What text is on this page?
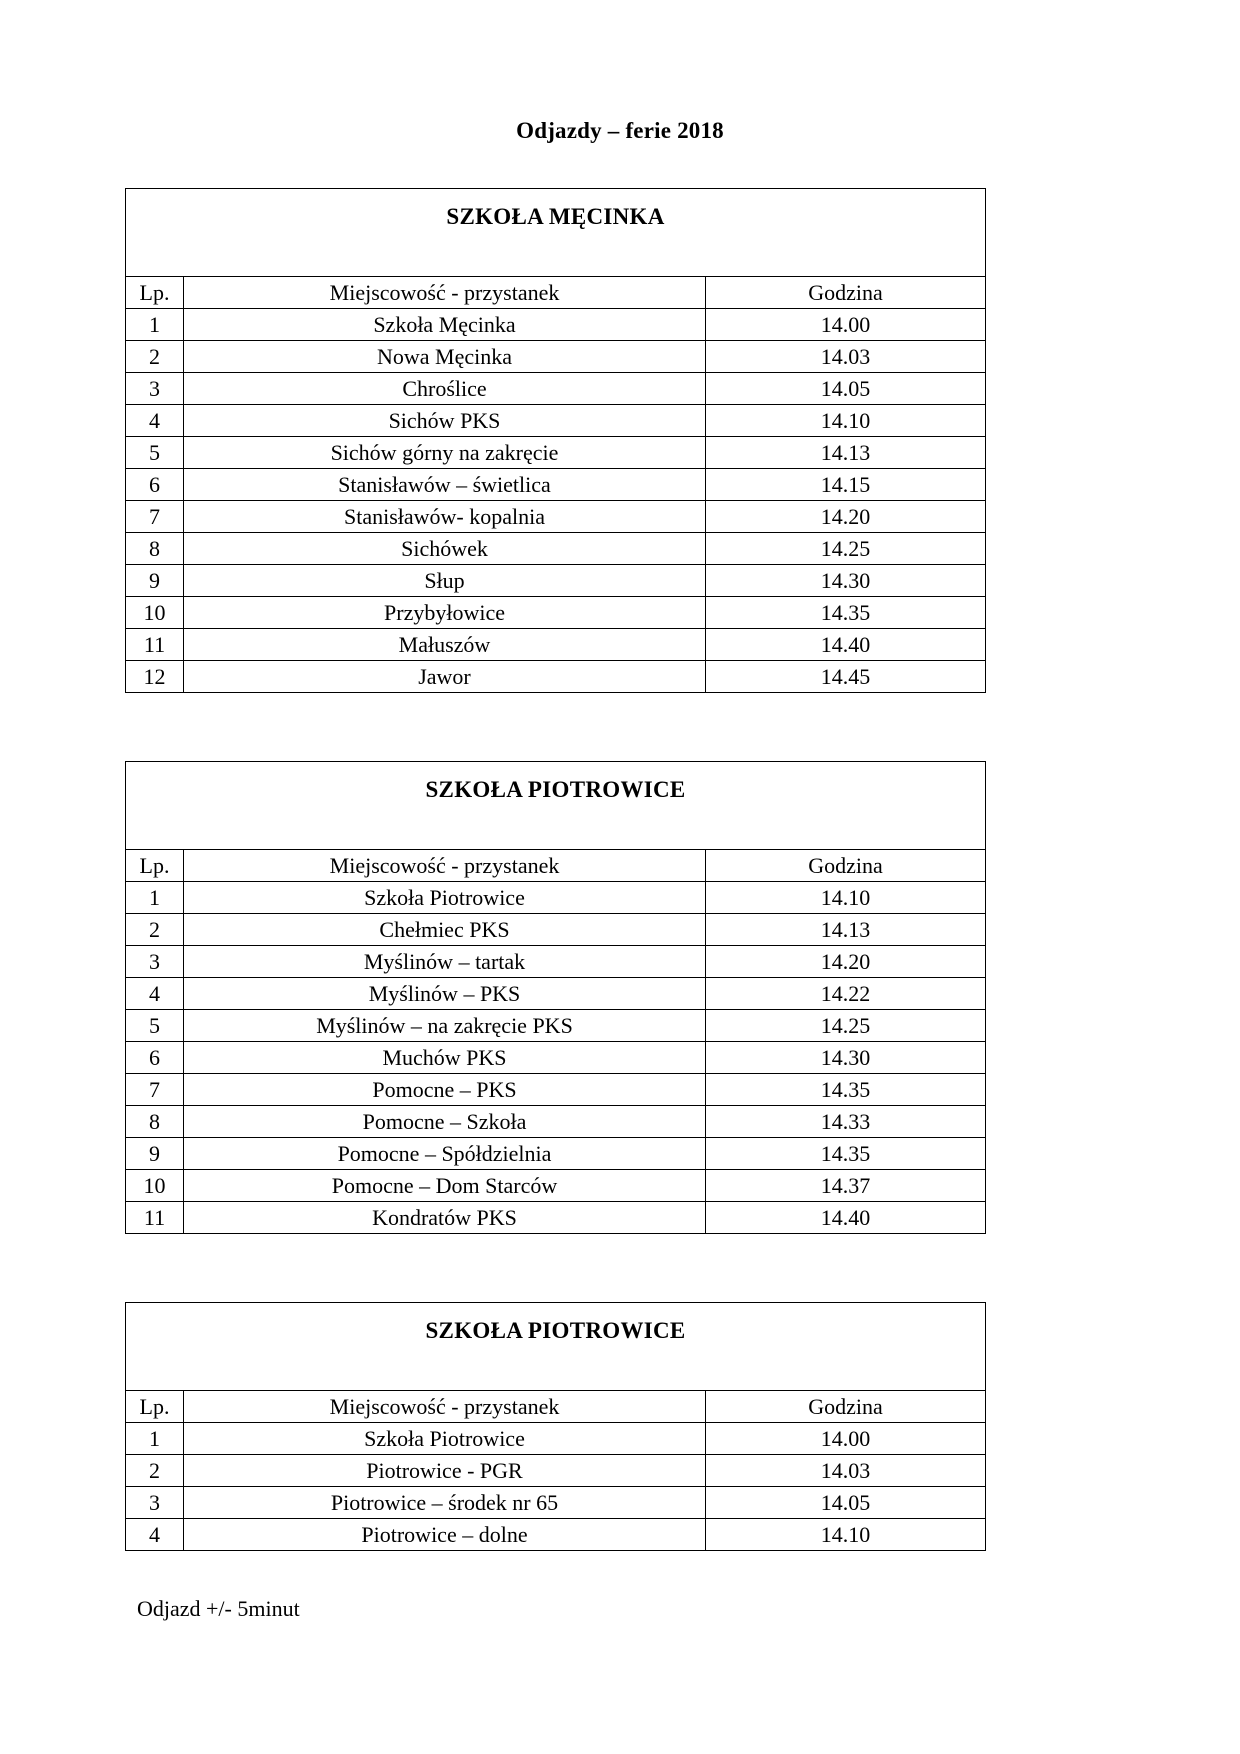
Odjazdy – ferie 2018
SZKOŁA MĘCINKA		
Lp.	Miejscowość - przystanek	Godzina
1	Szkoła Męcinka	14.00
2	Nowa Męcinka	14.03
3	Chroślice	14.05
4	Sichów PKS	14.10
5	Sichów górny na zakręcie	14.13
6	Stanisławów – świetlica	14.15
7	Stanisławów- kopalnia	14.20
8	Sichówek	14.25
9	Słup	14.30
10	Przybyłowice	14.35
11	Małuszów	14.40
12	Jawor	14.45
SZKOŁA PIOTROWICE		
Lp.	Miejscowość - przystanek	Godzina
1	Szkoła Piotrowice	14.10
2	Chełmiec PKS	14.13
3	Myślinów – tartak	14.20
4	Myślinów – PKS	14.22
5	Myślinów – na zakręcie PKS	14.25
6	Muchów PKS	14.30
7	Pomocne – PKS	14.35
8	Pomocne – Szkoła	14.33
9	Pomocne – Spółdzielnia	14.35
10	Pomocne – Dom Starców	14.37
11	Kondratów PKS	14.40
SZKOŁA PIOTROWICE		
Lp.	Miejscowość - przystanek	Godzina
1	Szkoła Piotrowice	14.00
2	Piotrowice - PGR	14.03
3	Piotrowice – środek nr 65	14.05
4	Piotrowice – dolne	14.10
Odjazd +/- 5minut
